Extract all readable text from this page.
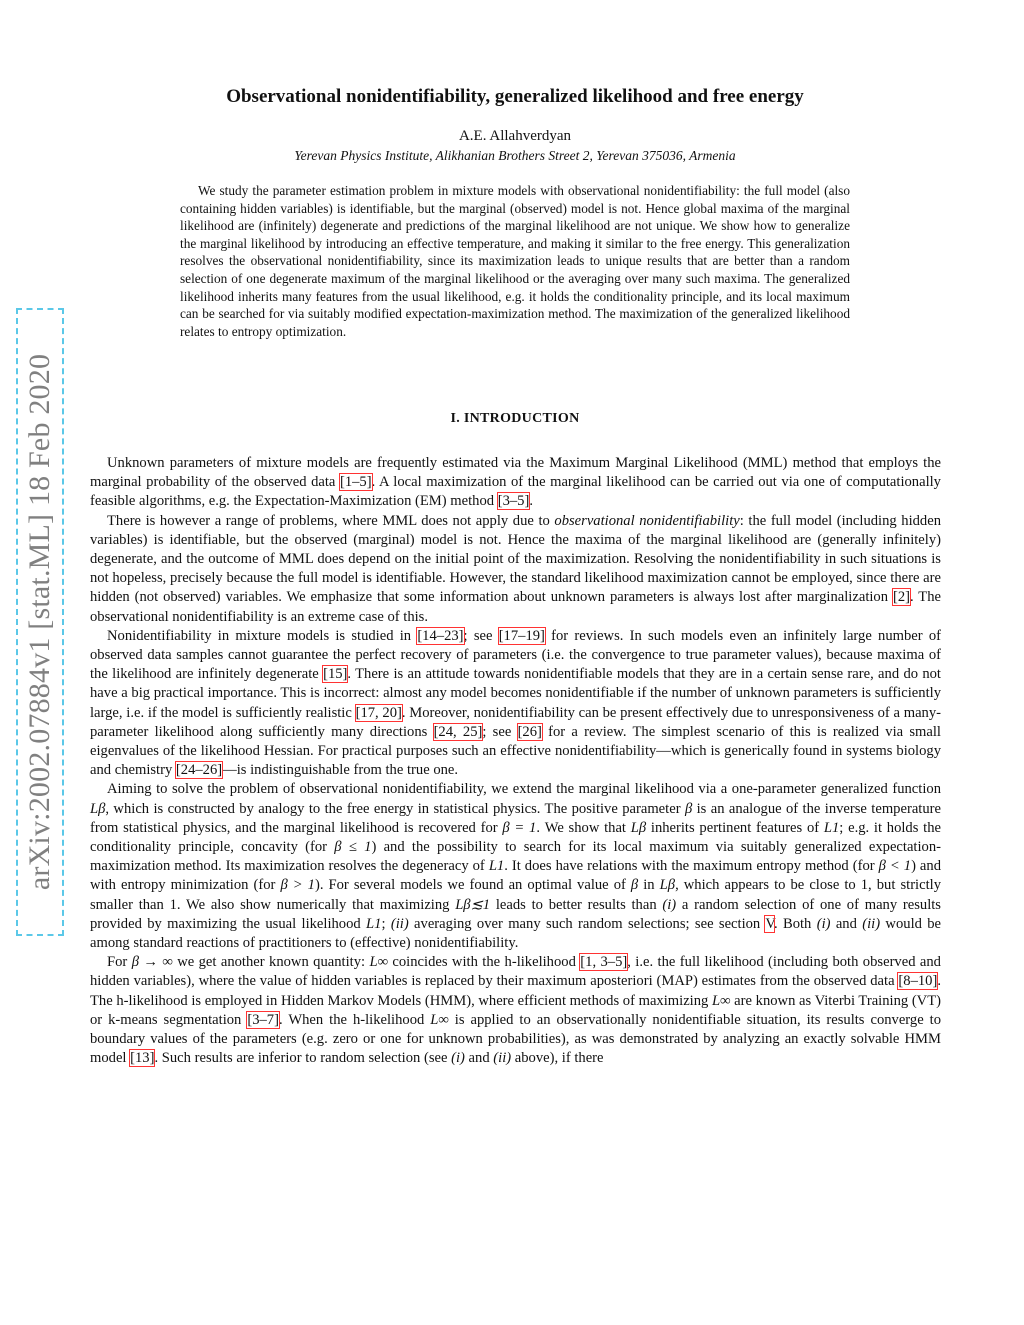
arXiv:2002.07884v1 [stat.ML] 18 Feb 2020
Observational nonidentifiability, generalized likelihood and free energy
A.E. Allahverdyan
Yerevan Physics Institute, Alikhanian Brothers Street 2, Yerevan 375036, Armenia

We study the parameter estimation problem in mixture models with observational nonidentifiability: the full model (also containing hidden variables) is identifiable, but the marginal (observed) model is not. Hence global maxima of the marginal likelihood are (infinitely) degenerate and predictions of the marginal likelihood are not unique. We show how to generalize the marginal likelihood by introducing an effective temperature, and making it similar to the free energy. This generalization resolves the observational nonidentifiability, since its maximization leads to unique results that are better than a random selection of one degenerate maximum of the marginal likelihood or the averaging over many such maxima. The generalized likelihood inherits many features from the usual likelihood, e.g. it holds the conditionality principle, and its local maximum can be searched for via suitably modified expectation-maximization method. The maximization of the generalized likelihood relates to entropy optimization.

I. INTRODUCTION

Unknown parameters of mixture models are frequently estimated via the Maximum Marginal Likelihood (MML) method that employs the marginal probability of the observed data [1–5]. A local maximization of the marginal likelihood can be carried out via one of computationally feasible algorithms, e.g. the Expectation-Maximization (EM) method [3–5].

There is however a range of problems, where MML does not apply due to observational nonidentifiability: the full model (including hidden variables) is identifiable, but the observed (marginal) model is not. Hence the maxima of the marginal likelihood are (generally infinitely) degenerate, and the outcome of MML does depend on the initial point of the maximization. Resolving the nonidentifiability in such situations is not hopeless, precisely because the full model is identifiable. However, the standard likelihood maximization cannot be employed, since there are hidden (not observed) variables. We emphasize that some information about unknown parameters is always lost after marginalization [2]. The observational nonidentifiability is an extreme case of this.

Nonidentifiability in mixture models is studied in [14–23]; see [17–19] for reviews. In such models even an infinitely large number of observed data samples cannot guarantee the perfect recovery of parameters (i.e. the convergence to true parameter values), because maxima of the likelihood are infinitely degenerate [15]. There is an attitude towards nonidentifiable models that they are in a certain sense rare, and do not have a big practical importance. This is incorrect: almost any model becomes nonidentifiable if the number of unknown parameters is sufficiently large, i.e. if the model is sufficiently realistic [17, 20]. Moreover, nonidentifiability can be present effectively due to unresponsiveness of a many-parameter likelihood along sufficiently many directions [24, 25]; see [26] for a review. The simplest scenario of this is realized via small eigenvalues of the likelihood Hessian. For practical purposes such an effective nonidentifiability—which is generically found in systems biology and chemistry [24–26]—is indistinguishable from the true one.

Aiming to solve the problem of observational nonidentifiability, we extend the marginal likelihood via a one-parameter generalized function Lβ, which is constructed by analogy to the free energy in statistical physics. The positive parameter β is an analogue of the inverse temperature from statistical physics, and the marginal likelihood is recovered for β = 1. We show that Lβ inherits pertinent features of L1; e.g. it holds the conditionality principle, concavity (for β ≤ 1) and the possibility to search for its local maximum via suitably generalized expectation-maximization method. Its maximization resolves the degeneracy of L1. It does have relations with the maximum entropy method (for β < 1) and with entropy minimization (for β > 1). For several models we found an optimal value of β in Lβ, which appears to be close to 1, but strictly smaller than 1. We also show numerically that maximizing Lβ≲1 leads to better results than (i) a random selection of one of many results provided by maximizing the usual likelihood L1; (ii) averaging over many such random selections; see section V. Both (i) and (ii) would be among standard reactions of practitioners to (effective) nonidentifiability.

For β → ∞ we get another known quantity: L∞ coincides with the h-likelihood [1, 3–5], i.e. the full likelihood (including both observed and hidden variables), where the value of hidden variables is replaced by their maximum aposteriori (MAP) estimates from the observed data [8–10]. The h-likelihood is employed in Hidden Markov Models (HMM), where efficient methods of maximizing L∞ are known as Viterbi Training (VT) or k-means segmentation [3–7]. When the h-likelihood L∞ is applied to an observationally nonidentifiable situation, its results converge to boundary values of the parameters (e.g. zero or one for unknown probabilities), as was demonstrated by analyzing an exactly solvable HMM model [13]. Such results are inferior to random selection (see (i) and (ii) above), if there
